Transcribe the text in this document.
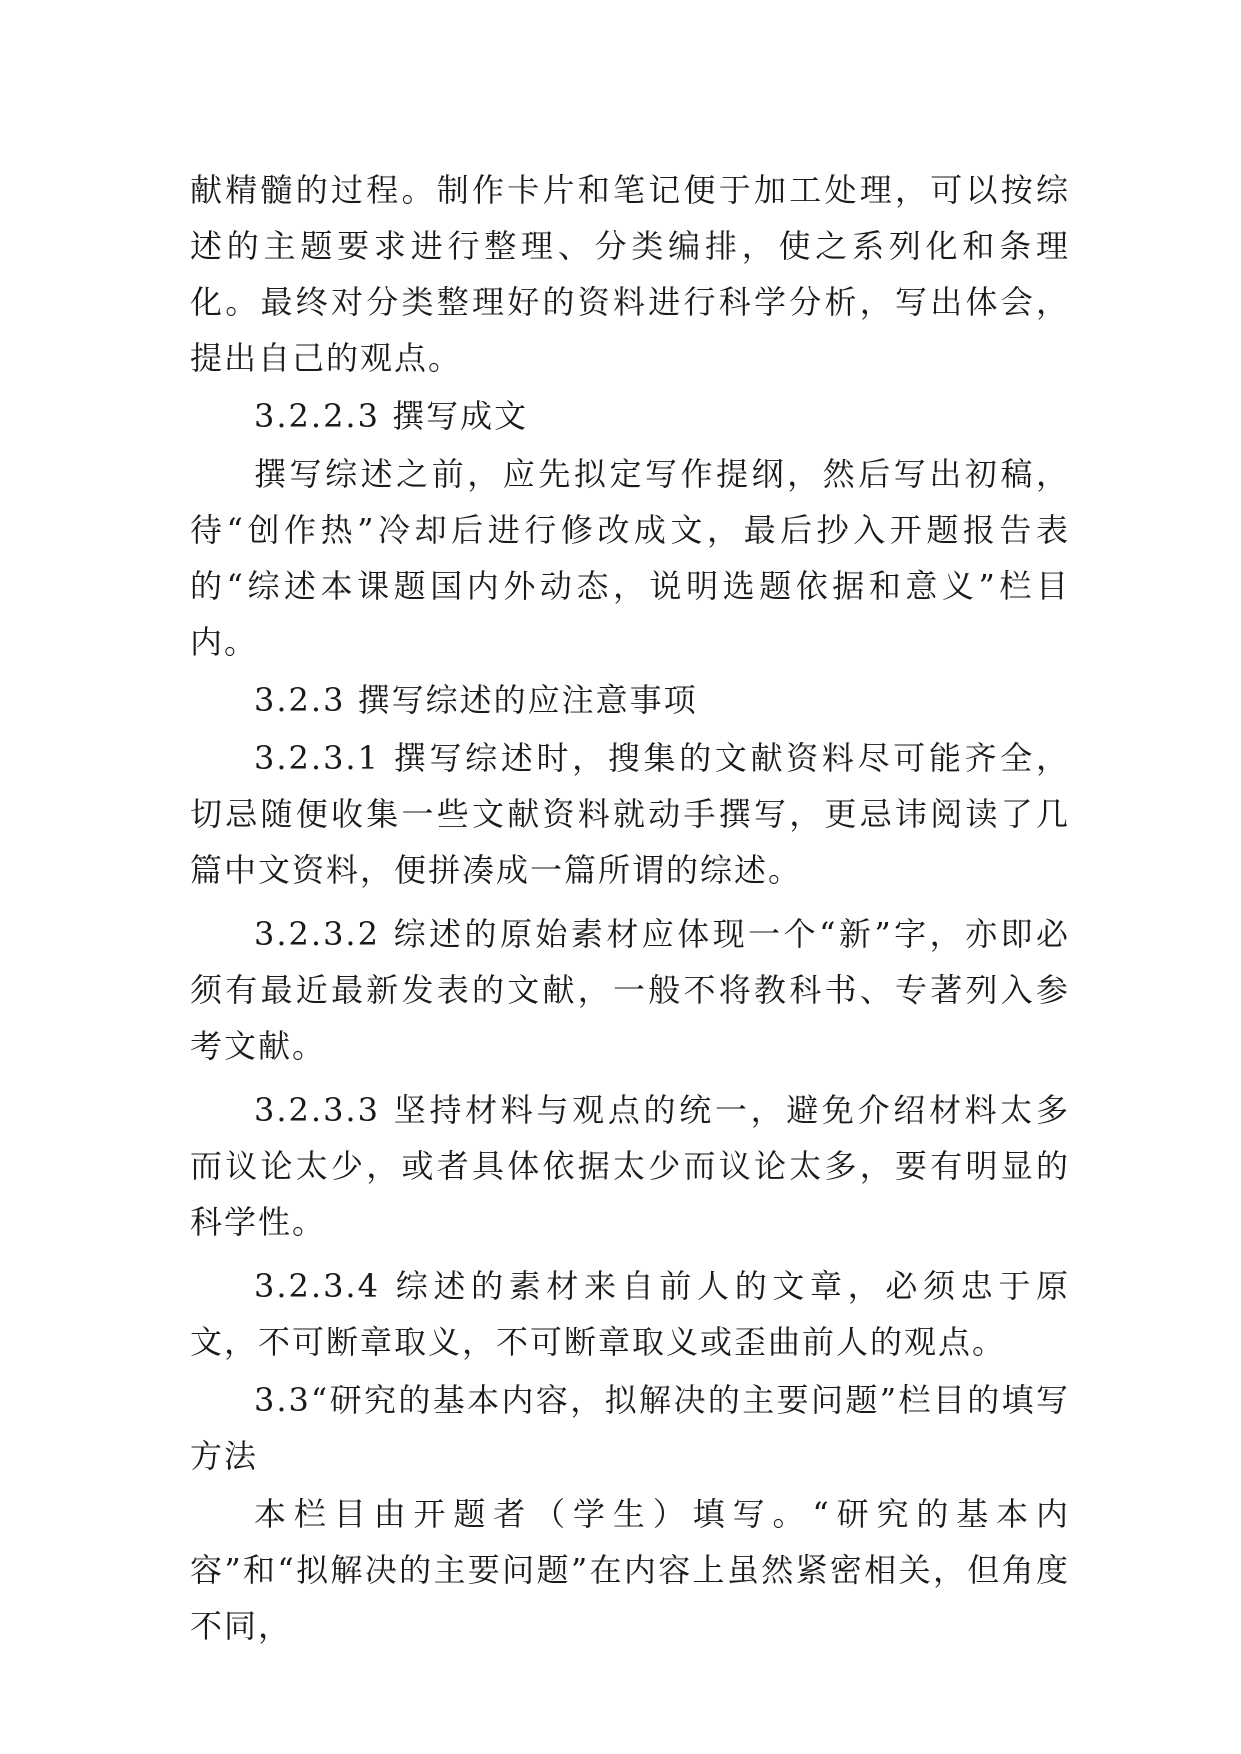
献精髓的过程。制作卡片和笔记便于加工处理，可以按综述的主题要求进行整理、分类编排，使之系列化和条理化。最终对分类整理好的资料进行科学分析，写出体会，提出自己的观点。

3.2.2.3 撰写成文

撰写综述之前，应先拟定写作提纲，然后写出初稿，待“创作热”冷却后进行修改成文，最后抄入开题报告表的“综述本课题国内外动态，说明选题依据和意义”栏目内。

3.2.3 撰写综述的应注意事项

3.2.3.1 撰写综述时，搜集的文献资料尽可能齐全，切忌随便收集一些文献资料就动手撰写，更忌讳阅读了几篇中文资料，便拼凑成一篇所谓的综述。

3.2.3.2 综述的原始素材应体现一个“新”字，亦即必须有最近最新发表的文献，一般不将教科书、专著列入参考文献。

3.2.3.3 坚持材料与观点的统一，避免介绍材料太多而议论太少，或者具体依据太少而议论太多，要有明显的科学性。

3.2.3.4 综述的素材来自前人的文章，必须忠于原文，不可断章取义，不可断章取义或歪曲前人的观点。

3.3“研究的基本内容，拟解决的主要问题”栏目的填写方法

本栏目由开题者（学生）填写。“研究的基本内容”和“拟解决的主要问题”在内容上虽然紧密相关，但角度不同，
